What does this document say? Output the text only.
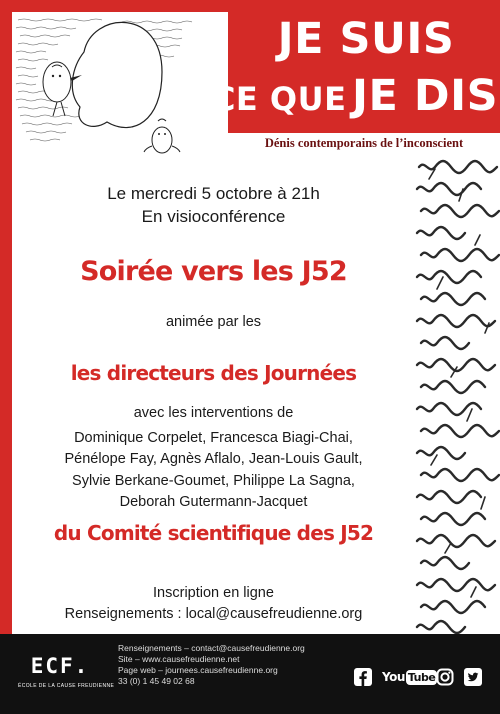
JE SUIS
CE QUE JE DIS
Dénis contemporains de l’inconscient
Le mercredi 5 octobre à 21h
En visioconférence
Soirée vers les J52
animée par les
les directeurs des Journées
avec les interventions de
Dominique Corpelet, Francesca Biagi-Chai,
Pénélope Fay, Agnès Aflalo, Jean-Louis Gault,
Sylvie Berkane-Goumet, Philippe La Sagna,
Deborah Gutermann-Jacquet
du Comité scientifique des J52
Inscription en ligne
Renseignements : local@causefreudienne.org
ECF.
ÉCOLE DE LA CAUSE FREUDIENNE
Renseignements – contact@causefreudienne.org
Site – www.causefreudienne.net
Page web – journees.causefreudienne.org
33 (0) 1 45 49 02 68	You Tube
